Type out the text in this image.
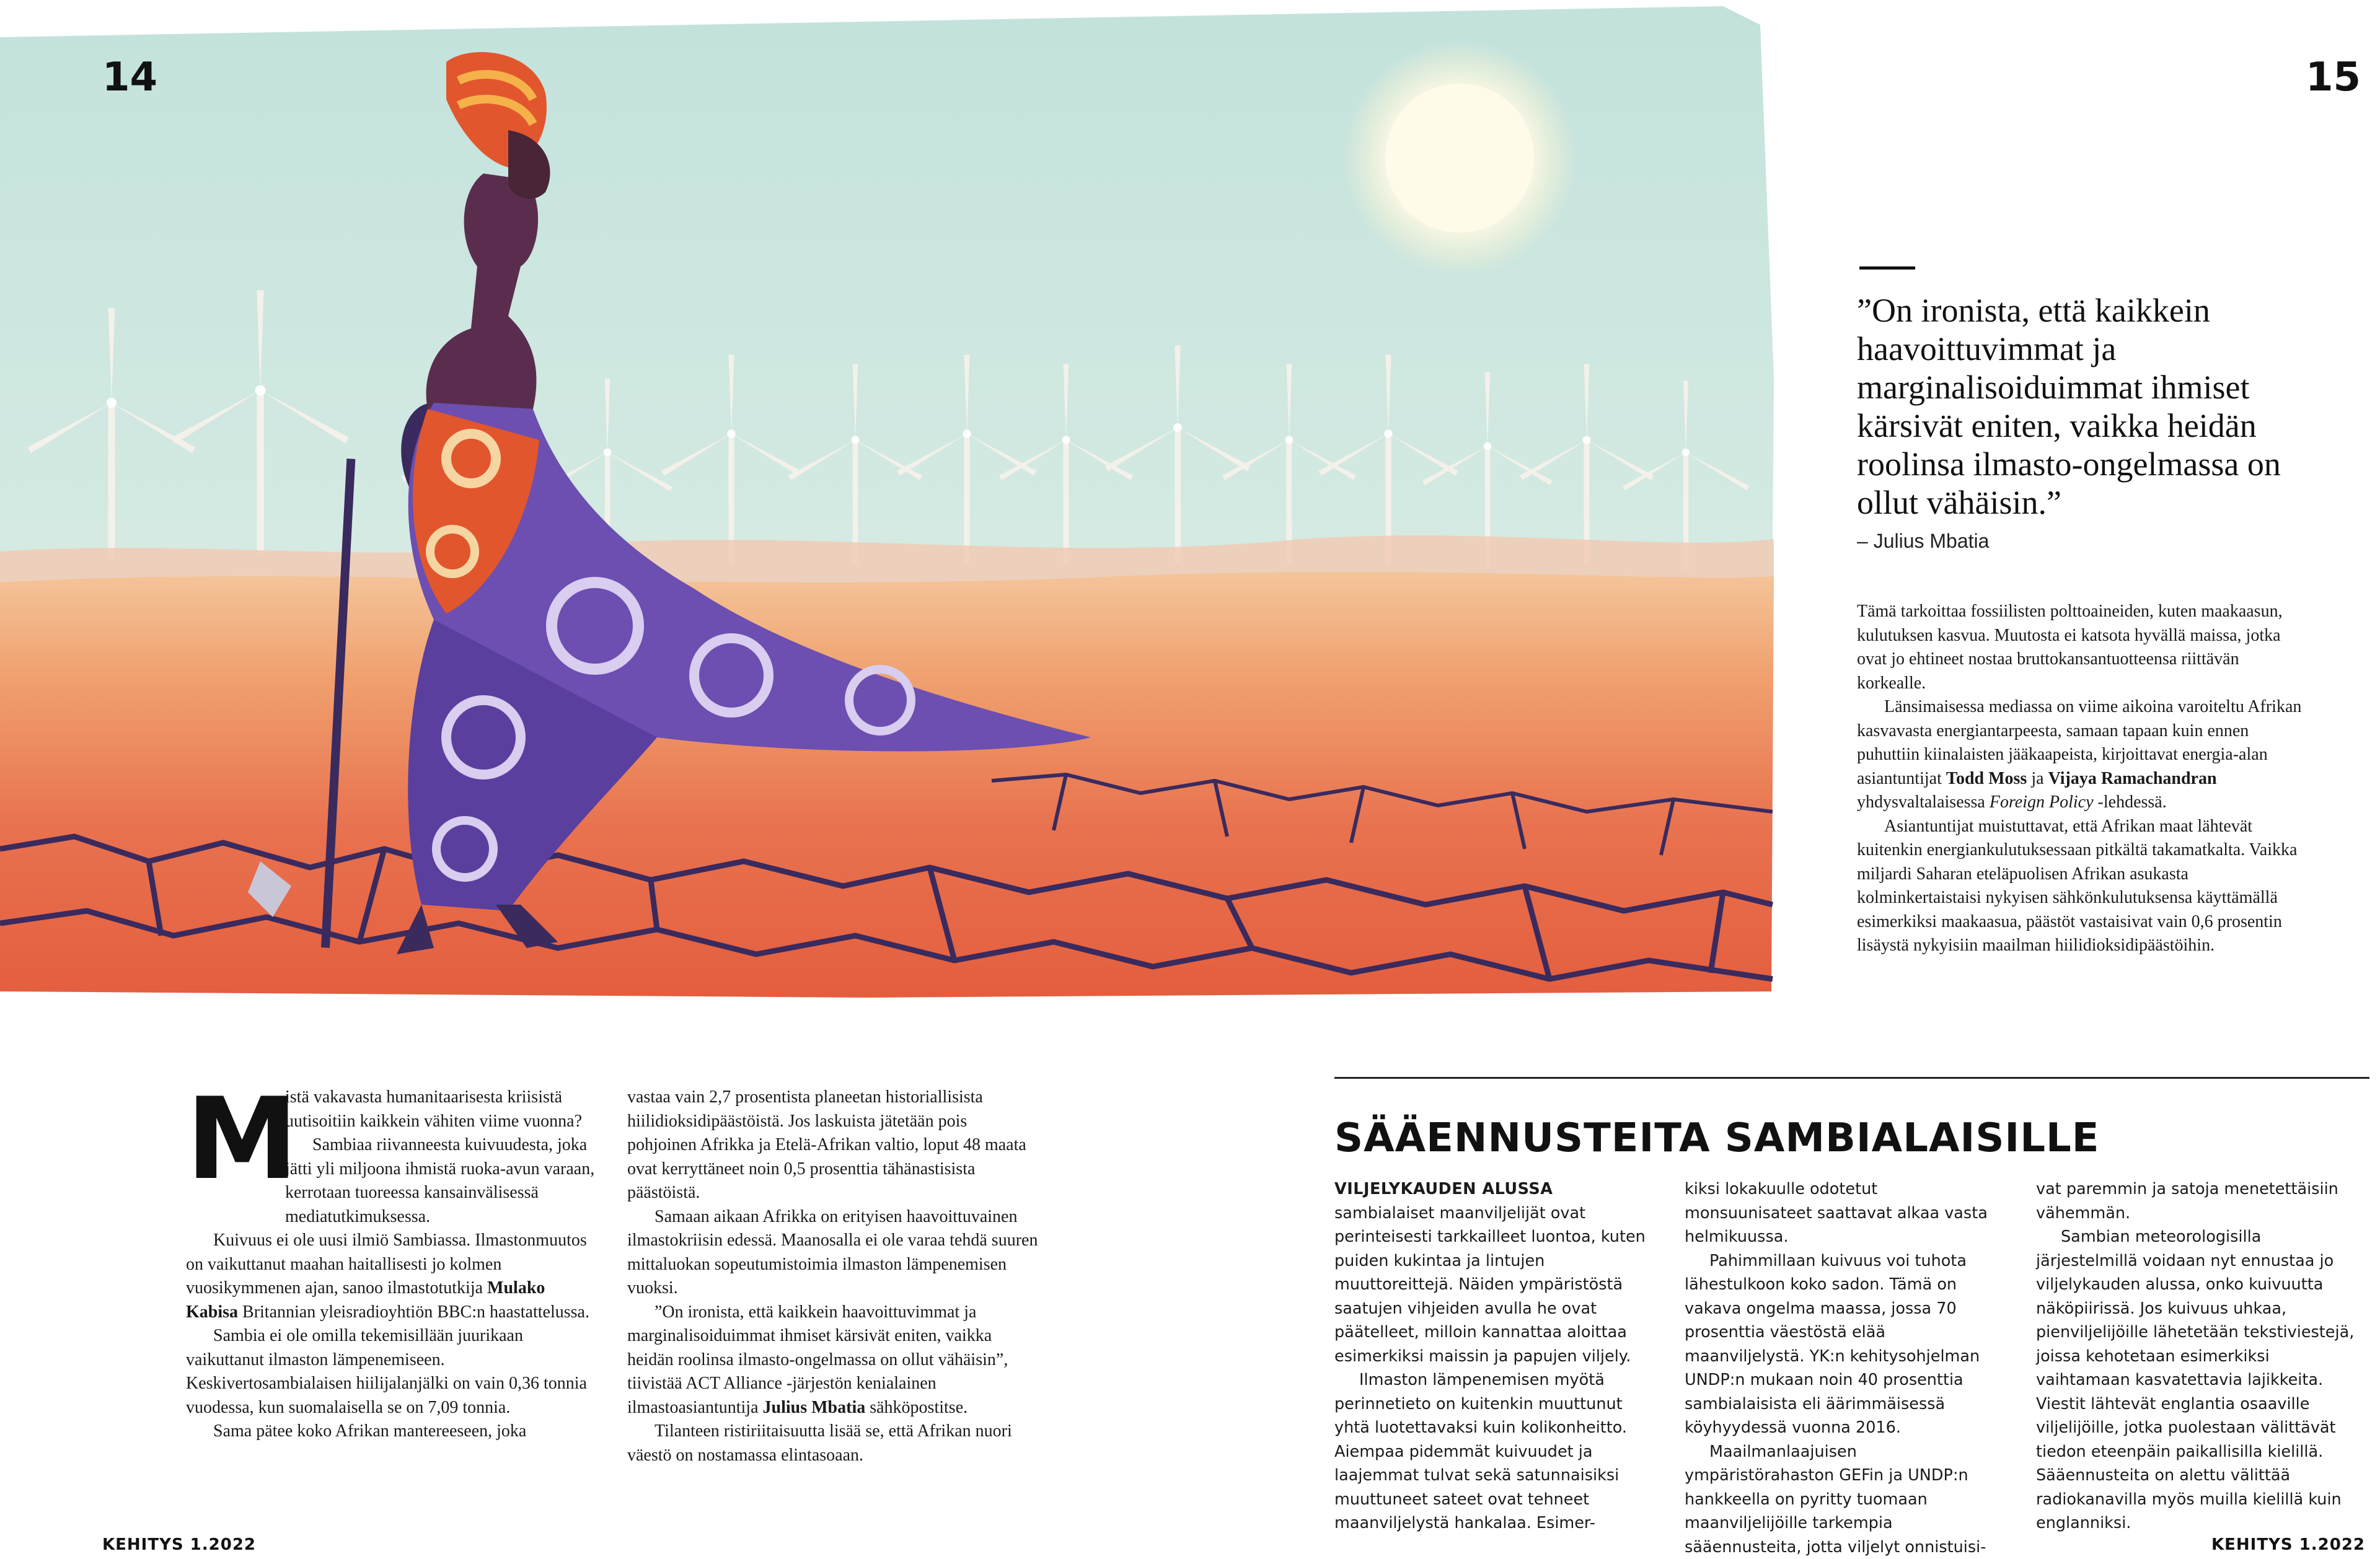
14	15
”On ironista, että kaikkein haavoittuvimmat ja marginalisoiduimmat ihmiset kärsivät eniten, vaikka heidän roolinsa ilmasto-ongelmassa on ollut vähäisin.”
– Julius Mbatia

Tämä tarkoittaa fossiilisten polttoaineiden, kuten maakaasun, kulutuksen kasvua. Muutosta ei katsota hyvällä maissa, jotka ovat jo ehtineet nostaa bruttokansantuotteensa riittävän korkealle.

Länsimaisessa mediassa on viime aikoina varoiteltu Afrikan kasvavasta energiantarpeesta, samaan tapaan kuin ennen puhuttiin kiinalaisten jääkaapeista, kirjoittavat energia-alan asiantuntijat Todd Moss ja Vijaya Ramachandran yhdysvaltalaisessa Foreign Policy -lehdessä.

Asiantuntijat muistuttavat, että Afrikan maat lähtevät kuitenkin energiankulutuksessaan pitkältä takamatkalta. Vaikka miljardi Saharan eteläpuolisen Afrikan asukasta kolminkertaistaisi nykyisen sähkönkulutuksensa käyttämällä esimerkiksi maakaasua, päästöt vastaisivat vain 0,6 prosentin lisäystä nykyisiin maailman hiilidioksidipäästöihin.

M

istä vakavasta humanitaarisesta kriisistä uutisoitiin kaikkein vähiten viime vuonna?

Sambiaa riivanneesta kuivuudesta, joka jätti yli miljoona ihmistä ruoka-avun varaan, kerrotaan tuoreessa kansainvälisessä mediatutkimuksessa.

Kuivuus ei ole uusi ilmiö Sambiassa. Ilmastonmuutos on vaikuttanut maahan haitallisesti jo kolmen vuosikymmenen ajan, sanoo ilmastotutkija Mulako Kabisa Britannian yleisradioyhtiön BBC:n haastattelussa.

Sambia ei ole omilla tekemisillään juurikaan vaikuttanut ilmaston lämpenemiseen. Keskivertosambialaisen hiilijalanjälki on vain 0,36 tonnia vuodessa, kun suomalaisella se on 7,09 tonnia.

Sama pätee koko Afrikan mantereeseen, joka

vastaa vain 2,7 prosentista planeetan historiallisista hiilidioksidipäästöistä. Jos laskuista jätetään pois pohjoinen Afrikka ja Etelä-Afrikan valtio, loput 48 maata ovat kerryttäneet noin 0,5 prosenttia tähänastisista päästöistä.

Samaan aikaan Afrikka on erityisen haavoittuvainen ilmastokriisin edessä. Maanosalla ei ole varaa tehdä suuren mittaluokan sopeutumistoimia ilmaston lämpenemisen vuoksi.

”On ironista, että kaikkein haavoittuvimmat ja marginalisoiduimmat ihmiset kärsivät eniten, vaikka heidän roolinsa ilmasto-ongelmassa on ollut vähäisin”, tiivistää ACT Alliance -järjestön kenialainen ilmastoasiantuntija Julius Mbatia sähköpostitse.

Tilanteen ristiriitaisuutta lisää se, että Afrikan nuori väestö on nostamassa elintasoaan.

SÄÄENNUSTEITA SAMBIALAISILLE

VILJELYKAUDEN ALUSSA sambialaiset maanviljelijät ovat perinteisesti tarkkailleet luontoa, kuten puiden kukintaa ja lintujen muuttoreittejä. Näiden ympäristöstä saatujen vihjeiden avulla he ovat päätelleet, milloin kannattaa aloittaa esimerkiksi maissin ja papujen viljely.

Ilmaston lämpenemisen myötä perinnetieto on kuitenkin muuttunut yhtä luotettavaksi kuin kolikonheitto. Aiempaa pidemmät kuivuudet ja laajemmat tulvat sekä satunnaisiksi muuttuneet sateet ovat tehneet maanviljelystä hankalaa. Esimer-

kiksi lokakuulle odotetut monsuunisateet saattavat alkaa vasta helmikuussa.

Pahimmillaan kuivuus voi tuhota lähestulkoon koko sadon. Tämä on vakava ongelma maassa, jossa 70 prosenttia väestöstä elää maanviljelystä. YK:n kehitysohjelman UNDP:n mukaan noin 40 prosenttia sambialaisista eli äärimmäisessä köyhyydessä vuonna 2016.

Maailmanlaajuisen ympäristörahaston GEFin ja UNDP:n hankkeella on pyritty tuomaan maanviljelijöille tarkempia sääennusteita, jotta viljelyt onnistuisi-

vat paremmin ja satoja menetettäisiin vähemmän.

Sambian meteorologisilla järjestelmillä voidaan nyt ennustaa jo viljelykauden alussa, onko kuivuutta näköpiirissä. Jos kuivuus uhkaa, pienviljelijöille lähetetään tekstiviestejä, joissa kehotetaan esimerkiksi vaihtamaan kasvatettavia lajikkeita. Viestit lähtevät englantia osaaville viljelijöille, jotka puolestaan välittävät tiedon eteenpäin paikallisilla kielillä. Sääennusteita on alettu välittää radiokanavilla myös muilla kielillä kuin englanniksi.

KEHITYS 1.2022	KEHITYS 1.2022
